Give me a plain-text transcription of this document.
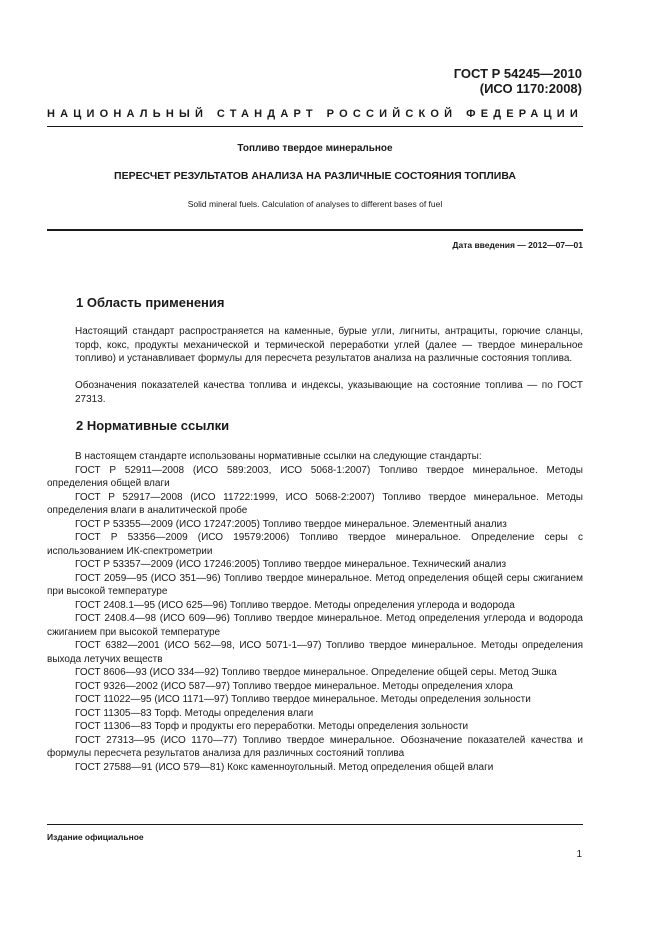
ГОСТ Р 54245—2010
(ИСО 1170:2008)
НАЦИОНАЛЬНЫЙ СТАНДАРТ РОССИЙСКОЙ ФЕДЕРАЦИИ
Топливо твердое минеральное
ПЕРЕСЧЕТ РЕЗУЛЬТАТОВ АНАЛИЗА НА РАЗЛИЧНЫЕ СОСТОЯНИЯ ТОПЛИВА
Solid mineral fuels. Calculation of analyses to different bases of fuel
Дата введения — 2012—07—01
1 Область применения
Настоящий стандарт распространяется на каменные, бурые угли, лигниты, антрациты, горючие сланцы, торф, кокс, продукты механической и термической переработки углей (далее — твердое минеральное топливо) и устанавливает формулы для пересчета результатов анализа на различные состояния топлива.
Обозначения показателей качества топлива и индексы, указывающие на состояние топлива — по ГОСТ 27313.
2 Нормативные ссылки

В настоящем стандарте использованы нормативные ссылки на следующие стандарты:

ГОСТ Р 52911—2008 (ИСО 589:2003, ИСО 5068-1:2007) Топливо твердое минеральное. Методы определения общей влаги

ГОСТ Р 52917—2008 (ИСО 11722:1999, ИСО 5068-2:2007) Топливо твердое минеральное. Методы определения влаги в аналитической пробе

ГОСТ Р 53355—2009 (ИСО 17247:2005) Топливо твердое минеральное. Элементный анализ

ГОСТ Р 53356—2009 (ИСО 19579:2006) Топливо твердое минеральное. Определение серы с использованием ИК-спектрометрии

ГОСТ Р 53357—2009 (ИСО 17246:2005) Топливо твердое минеральное. Технический анализ

ГОСТ 2059—95 (ИСО 351—96) Топливо твердое минеральное. Метод определения общей серы сжиганием при высокой температуре

ГОСТ 2408.1—95 (ИСО 625—96) Топливо твердое. Методы определения углерода и водорода

ГОСТ 2408.4—98 (ИСО 609—96) Топливо твердое минеральное. Метод определения углерода и водорода сжиганием при высокой температуре

ГОСТ 6382—2001 (ИСО 562—98, ИСО 5071-1—97) Топливо твердое минеральное. Методы определения выхода летучих веществ

ГОСТ 8606—93 (ИСО 334—92) Топливо твердое минеральное. Определение общей серы. Метод Эшка

ГОСТ 9326—2002 (ИСО 587—97) Топливо твердое минеральное. Методы определения хлора

ГОСТ 11022—95 (ИСО 1171—97) Топливо твердое минеральное. Методы определения зольности

ГОСТ 11305—83 Торф. Методы определения влаги

ГОСТ 11306—83 Торф и продукты его переработки. Методы определения зольности

ГОСТ 27313—95 (ИСО 1170—77) Топливо твердое минеральное. Обозначение показателей качества и формулы пересчета результатов анализа для различных состояний топлива

ГОСТ 27588—91 (ИСО 579—81) Кокс каменноугольный. Метод определения общей влаги

Издание официальное
1
